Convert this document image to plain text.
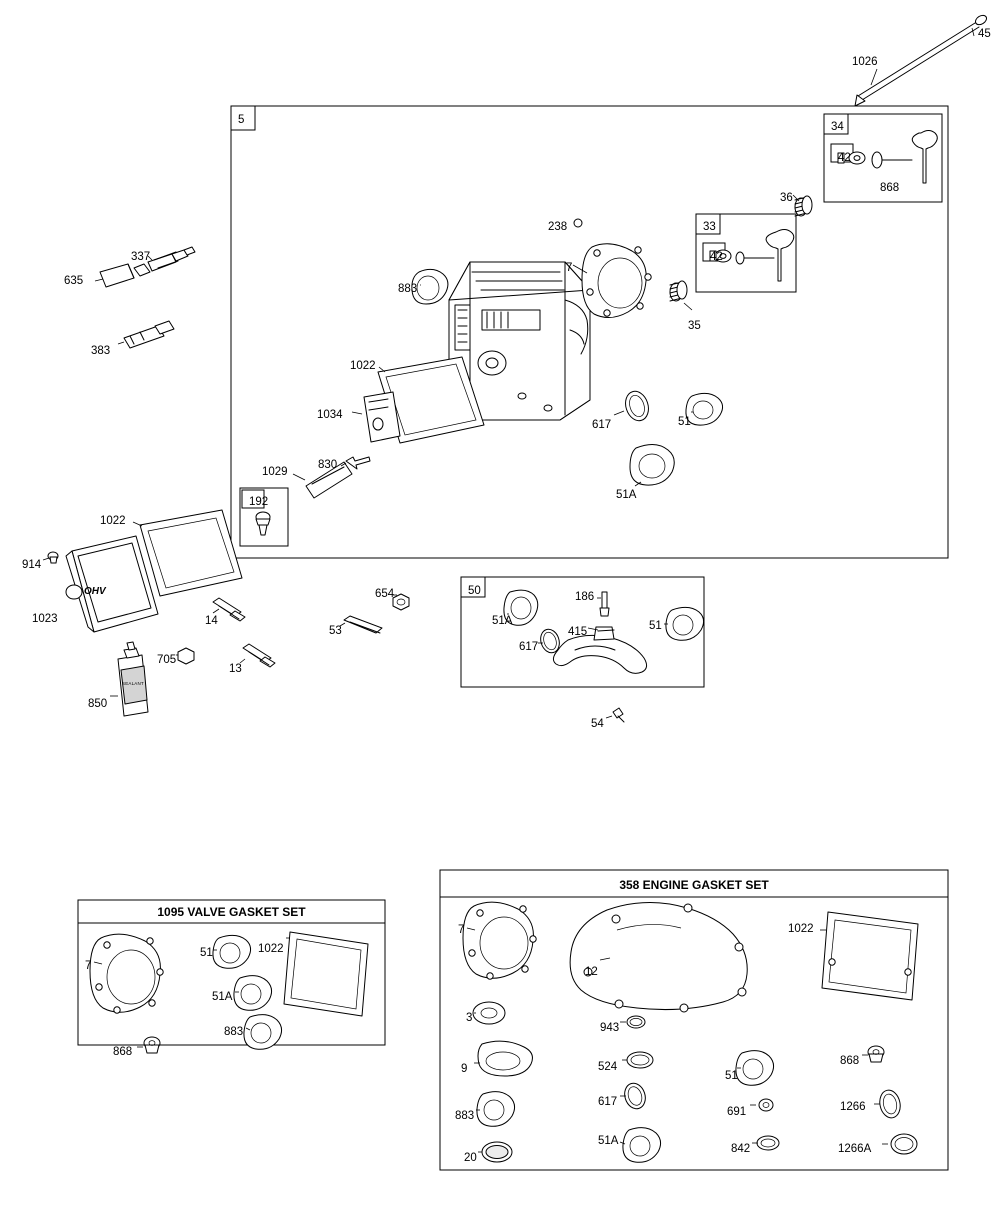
1095 VALVE GASKET SET
358 ENGINE GASKET SET
1026
45
5
34
42
868
36
238	33
7
42
337
883
635
35
383
1022
1034
617	51
1029
830
51A
192
1022
914
1023
50	186
654
51A
415	51
53
617
14
705
13
850
54
7
51	1022
51A
883
868
7	1022
12
3
943
9	524
51
868
883
617
691	1266
51A
20
842	1266A
OHV
SEALANT
